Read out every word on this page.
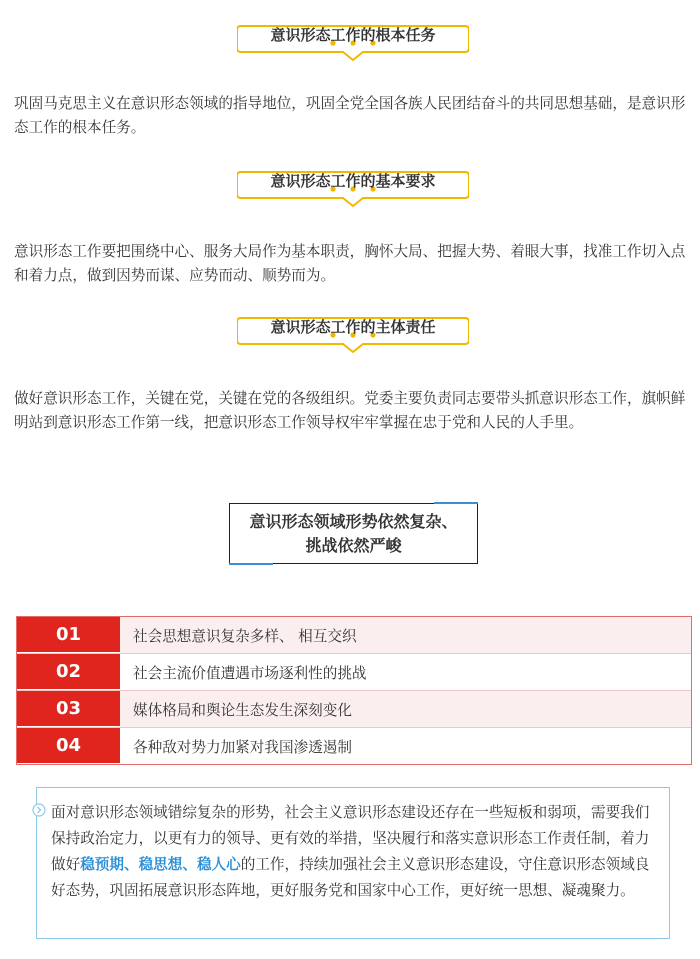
意识形态工作的根本任务

巩固马克思主义在意识形态领域的指导地位，巩固全党全国各族人民团结奋斗的共同思想基础，是意识形态工作的根本任务。

意识形态工作的基本要求

意识形态工作要把围绕中心、服务大局作为基本职责，胸怀大局、把握大势、着眼大事，找准工作切入点和着力点，做到因势而谋、应势而动、顺势而为。

意识形态工作的主体责任

做好意识形态工作，关键在党，关键在党的各级组织。党委主要负责同志要带头抓意识形态工作，旗帜鲜明站到意识形态工作第一线，把意识形态工作领导权牢牢掌握在忠于党和人民的人手里。

意识形态领域形势依然复杂、
挑战依然严峻
01	社会思想意识复杂多样、 相互交织
02	社会主流价值遭遇市场逐利性的挑战
03	媒体格局和舆论生态发生深刻变化
04	各种敌对势力加紧对我国渗透遏制

面对意识形态领域错综复杂的形势，社会主义意识形态建设还存在一些短板和弱项，需要我们保持政治定力，以更有力的领导、更有效的举措，坚决履行和落实意识形态工作责任制，着力做好稳预期、稳思想、稳人心的工作，持续加强社会主义意识形态建设，守住意识形态领域良好态势，巩固拓展意识形态阵地，更好服务党和国家中心工作，更好统一思想、凝魂聚力。
